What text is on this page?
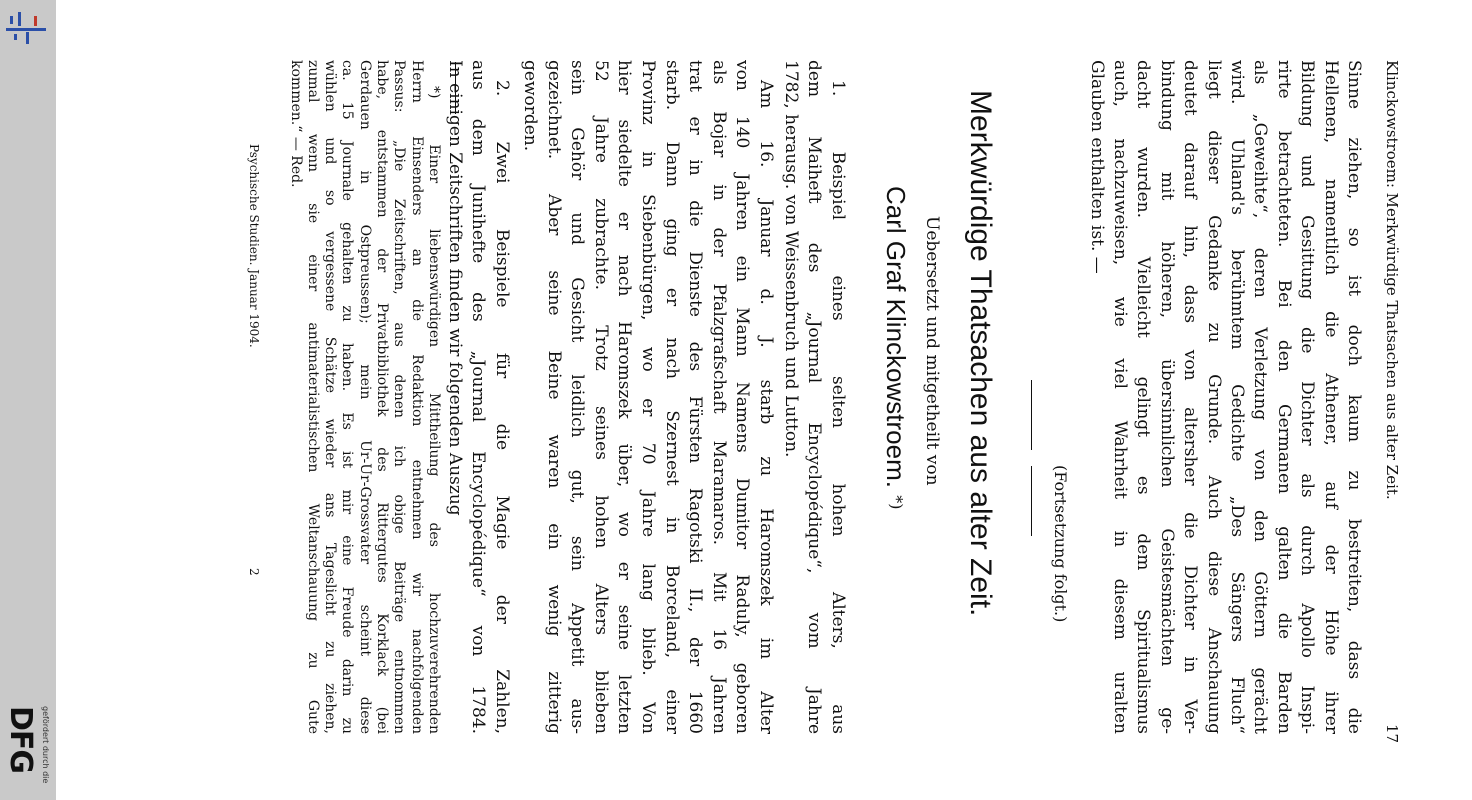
gefördert durch die
DFG
Klinckowstroem: Merkwürdige Thatsachen aus alter Zeit.
17
(Fortsetzung folgt.)
Merkwürdige Thatsachen aus alter Zeit.
Uebersetzt und mitgetheilt von
Carl Graf Klinckowstroem. *)
Psychische Studien. Januar 1904.
2	Sinne ziehen, so ist doch kaum zu bestreiten, dass die
Hellenen, namentlich die Athener, auf der Höhe ihrer
Bildung und Gesittung die Dichter als durch Apollo Inspi-
rirte betrachteten. Bei den Germanen galten die Barden
als „Geweihte“, deren Verletzung von den Göttern gerächt
wird. Uhland's berühmtem Gedichte „Des Sängers Fluch“
liegt dieser Gedanke zu Grunde. Auch diese Anschauung
deutet darauf hin, dass von altersher die Dichter in Ver-
bindung mit höheren, übersinnlichen Geistesmächten ge-
dacht wurden. Vielleicht gelingt es dem Spiritualismus
auch, nachzuweisen, wie viel Wahrheit in diesem uralten
Glauben enthalten ist. —
1. Beispiel eines selten hohen Alters, aus
dem Maiheft des „Journal Encyclopédique“, vom Jahre
1782, herausg. von Weissenbruch und Lutton.
Am 16. Januar d. J. starb zu Haromszek im Alter
von 140 Jahren ein Mann Namens Dumitor Raduly, geboren
als Bojar in der Pfalzgrafschaft Maramaros. Mit 16 Jahren
trat er in die Dienste des Fürsten Ragotski II., der 1660
starb. Dann ging er nach Szernest in Borceland, einer
Provinz in Siebenbürgen, wo er 70 Jahre lang blieb. Von
hier siedelte er nach Haromszek über, wo er seine letzten
52 Jahre zubrachte. Trotz seines hohen Alters blieben
sein Gehör und Gesicht leidlich gut, sein Appetit aus-
gezeichnet. Aber seine Beine waren ein wenig zitterig
geworden.
2. Zwei Beispiele für die Magie der Zahlen,
aus dem Junihefte des „Journal Encyclopédique“ von 1784.
In einigen Zeitschriften finden wir folgenden Auszug
*) Einer liebenswürdigen Mittheilung des hochzuverehrenden
Herrn Einsenders an die Redaktion entnehmen wir nachfolgenden
Passus: „Die Zeitschriften, aus denen ich obige Beiträge entnommen
habe, entstammen der Privatbibliothek des Rittergutes Korklack (bei
Gerdauen in Ostpreussen); mein Ur-Ur-Grossvater scheint diese
ca. 15 Journale gehalten zu haben. Es ist mir eine Freude darin zu
wühlen und so vergessene Schätze wieder ans Tageslicht zu ziehen,
zumal wenn sie einer antimaterialistischen Weltanschauung zu Gute
kommen.“ — Red.
